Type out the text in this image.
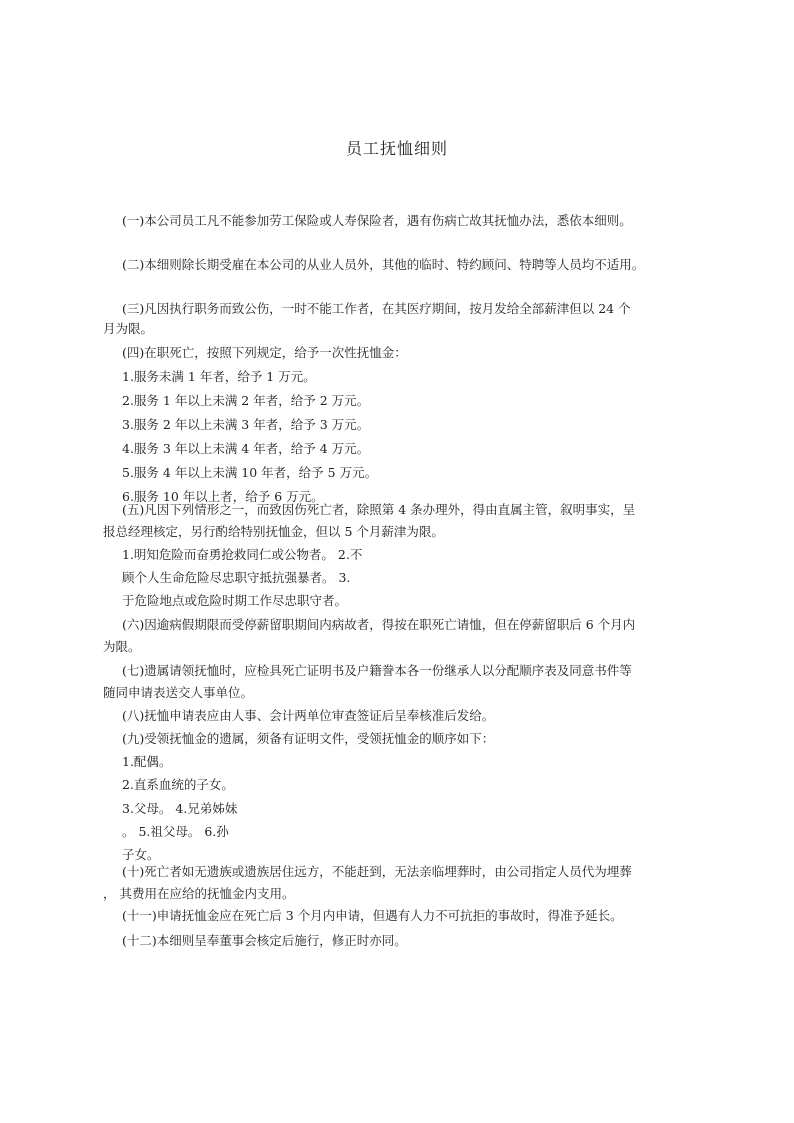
员工抚恤细则
(一)本公司员工凡不能参加劳工保险或人寿保险者，遇有伤病亡故其抚恤办法，悉依本细则。
(二)本细则除长期受雇在本公司的从业人员外，其他的临时、特约顾问、特聘等人员均不适用。
(三)凡因执行职务而致公伤，一时不能工作者，在其医疗期间，按月发给全部薪津但以 24 个
月为限。
(四)在职死亡，按照下列规定，给予一次性抚恤金：
1.服务未满 1 年者，给予 1 万元。
2.服务 1 年以上未满 2 年者，给予 2 万元。
3.服务 2 年以上未满 3 年者，给予 3 万元。
4.服务 3 年以上未满 4 年者，给予 4 万元。
5.服务 4 年以上未满 10 年者，给予 5 万元。
6.服务 10 年以上者，给予 6 万元。
(五)凡因下列情形之一，而致因伤死亡者，除照第 4 条办理外，得由直属主管，叙明事实，呈
报总经理核定，另行酌给特别抚恤金，但以 5 个月薪津为限。
1.明知危险而奋勇抢救同仁或公物者。 2.不
顾个人生命危险尽忠职守抵抗强暴者。 3.
于危险地点或危险时期工作尽忠职守者。
(六)因逾病假期限而受停薪留职期间内病故者，得按在职死亡请恤，但在停薪留职后 6 个月内
为限。
(七)遗属请领抚恤时，应检具死亡证明书及户籍誊本各一份继承人以分配顺序表及同意书件等
随同申请表送交人事单位。
(八)抚恤申请表应由人事、会计两单位审查签证后呈奉核准后发给。
(九)受领抚恤金的遗属，须备有证明文件，受领抚恤金的顺序如下：
1.配偶。
2.直系血统的子女。
3.父母。 4.兄弟姊妹
。 5.祖父母。 6.孙
子女。
(十)死亡者如无遗族或遗族居住远方，不能赶到，无法亲临埋葬时，由公司指定人员代为埋葬
， 其费用在应给的抚恤金内支用。
(十一)申请抚恤金应在死亡后 3 个月内申请，但遇有人力不可抗拒的事故时，得准予延长。
(十二)本细则呈奉董事会核定后施行，修正时亦同。
